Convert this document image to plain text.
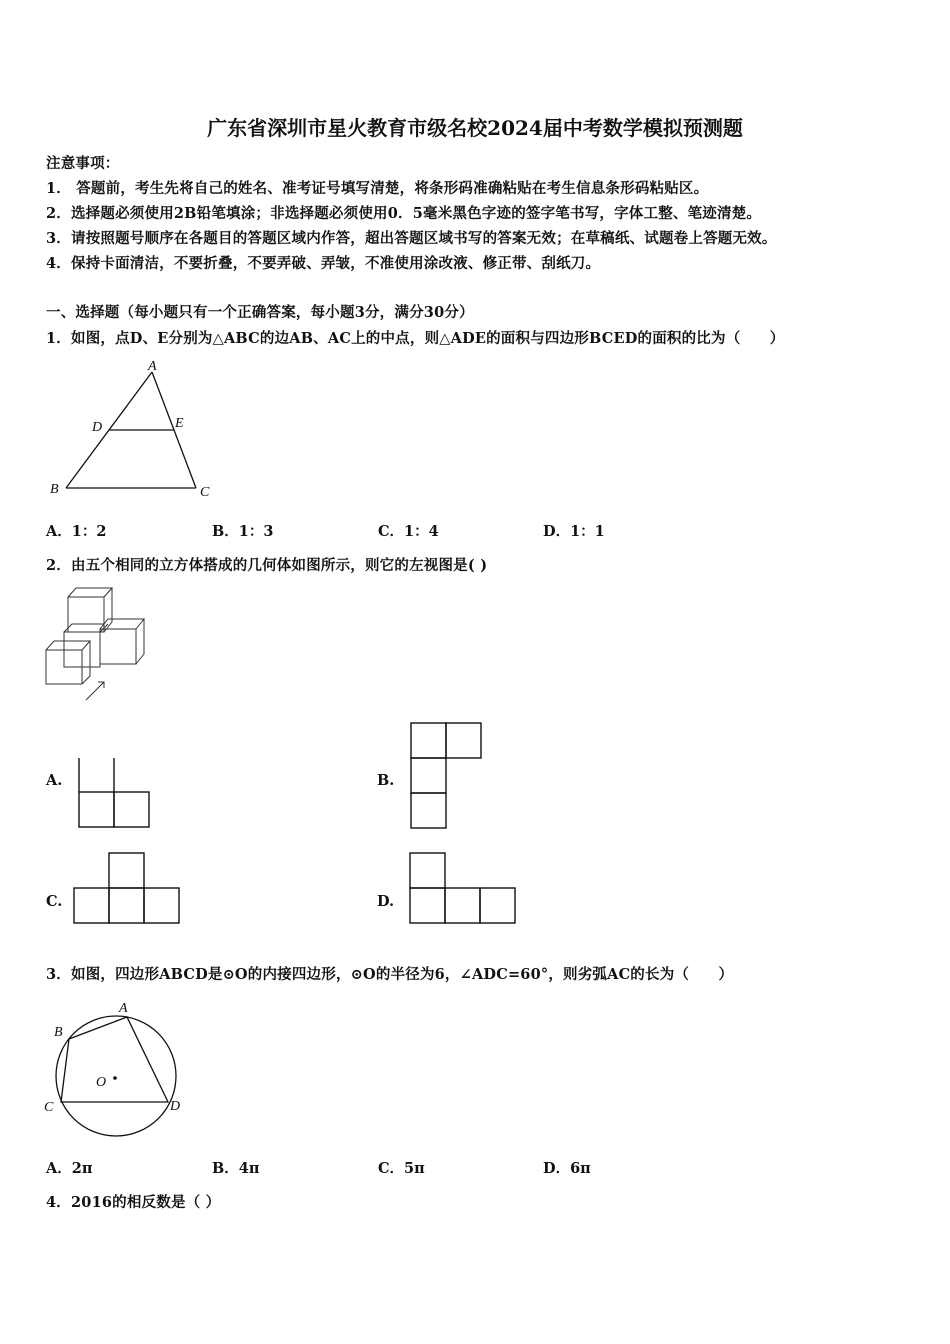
广东省深圳市星火教育市级名校2024届中考数学模拟预测题
注意事项：
1． 答题前，考生先将自己的姓名、准考证号填写清楚，将条形码准确粘贴在考生信息条形码粘贴区。
2．选择题必须使用2B铅笔填涂；非选择题必须使用0．5毫米黑色字迹的签字笔书写，字体工整、笔迹清楚。
3．请按照题号顺序在各题目的答题区域内作答，超出答题区域书写的答案无效；在草稿纸、试题卷上答题无效。
4．保持卡面清洁，不要折叠，不要弄破、弄皱，不准使用涂改液、修正带、刮纸刀。
一、选择题（每小题只有一个正确答案，每小题3分，满分30分）
1．如图，点D、E分别为△ABC的边AB、AC上的中点，则△ADE的面积与四边形BCED的面积的比为（　　）
A
D	E
B	C
A．1：2	B．1：3	C．1：4	D．1：1
2．由五个相同的立方体搭成的几何体如图所示，则它的左视图是( )
A.	B.
C.	D.
3．如图，四边形ABCD是⊙O的内接四边形，⊙O的半径为6，∠ADC=60°，则劣弧AC的长为（　　）
A
B
C	D
O
A．2π	B．4π	C．5π	D．6π
4．2016的相反数是（ ）
